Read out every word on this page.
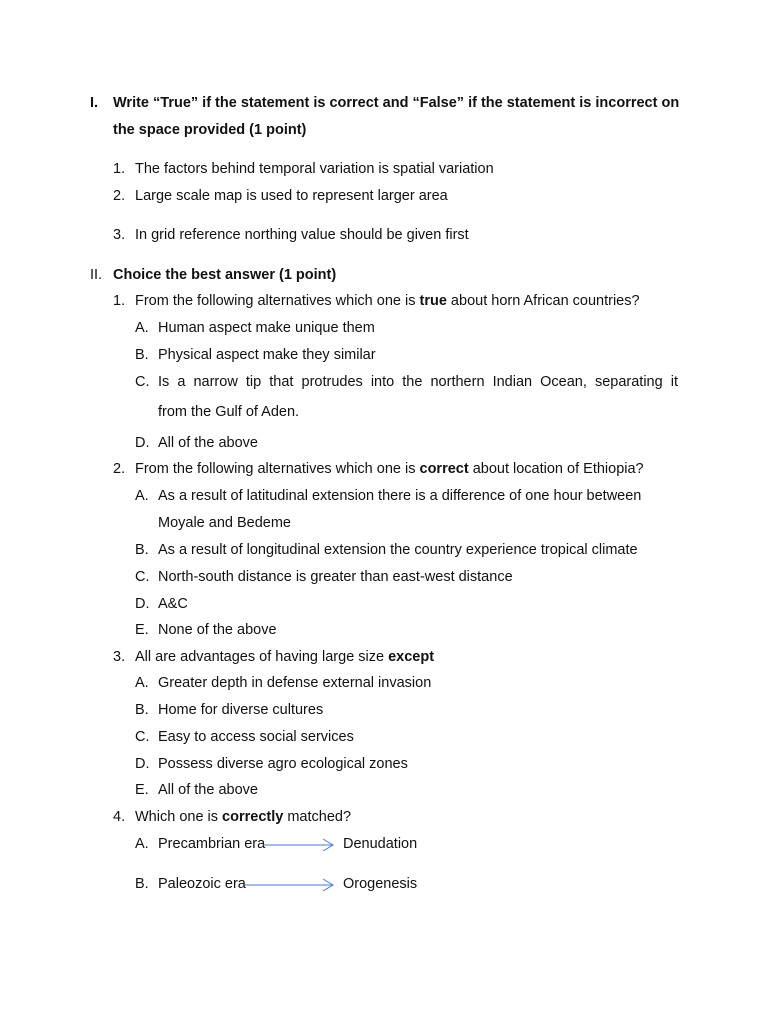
I. Write “True” if the statement is correct and “False” if the statement is incorrect on
the space provided (1 point)
1. The factors behind temporal variation is spatial variation
2. Large scale map is used to represent larger area
3. In grid reference northing value should be given first
II. Choice the best answer (1 point)
1. From the following alternatives which one is true about horn African countries?
A. Human aspect make unique them
B. Physical aspect make they similar
C. Is a narrow tip that protrudes into the northern Indian Ocean, separating it
from the Gulf of Aden.
D. All of the above
2. From the following alternatives which one is correct about location of Ethiopia?
A. As a result of latitudinal extension there is a difference of one hour between
Moyale and Bedeme
B. As a result of longitudinal extension the country experience tropical climate
C. North-south distance is greater than east-west distance
D. A&C
E. None of the above
3. All are advantages of having large size except
A. Greater depth in defense external invasion
B. Home for diverse cultures
C. Easy to access social services
D. Possess diverse agro ecological zones
E. All of the above
4. Which one is correctly matched?
A. Precambrian era	Denudation
B. Paleozoic era	Orogenesis
